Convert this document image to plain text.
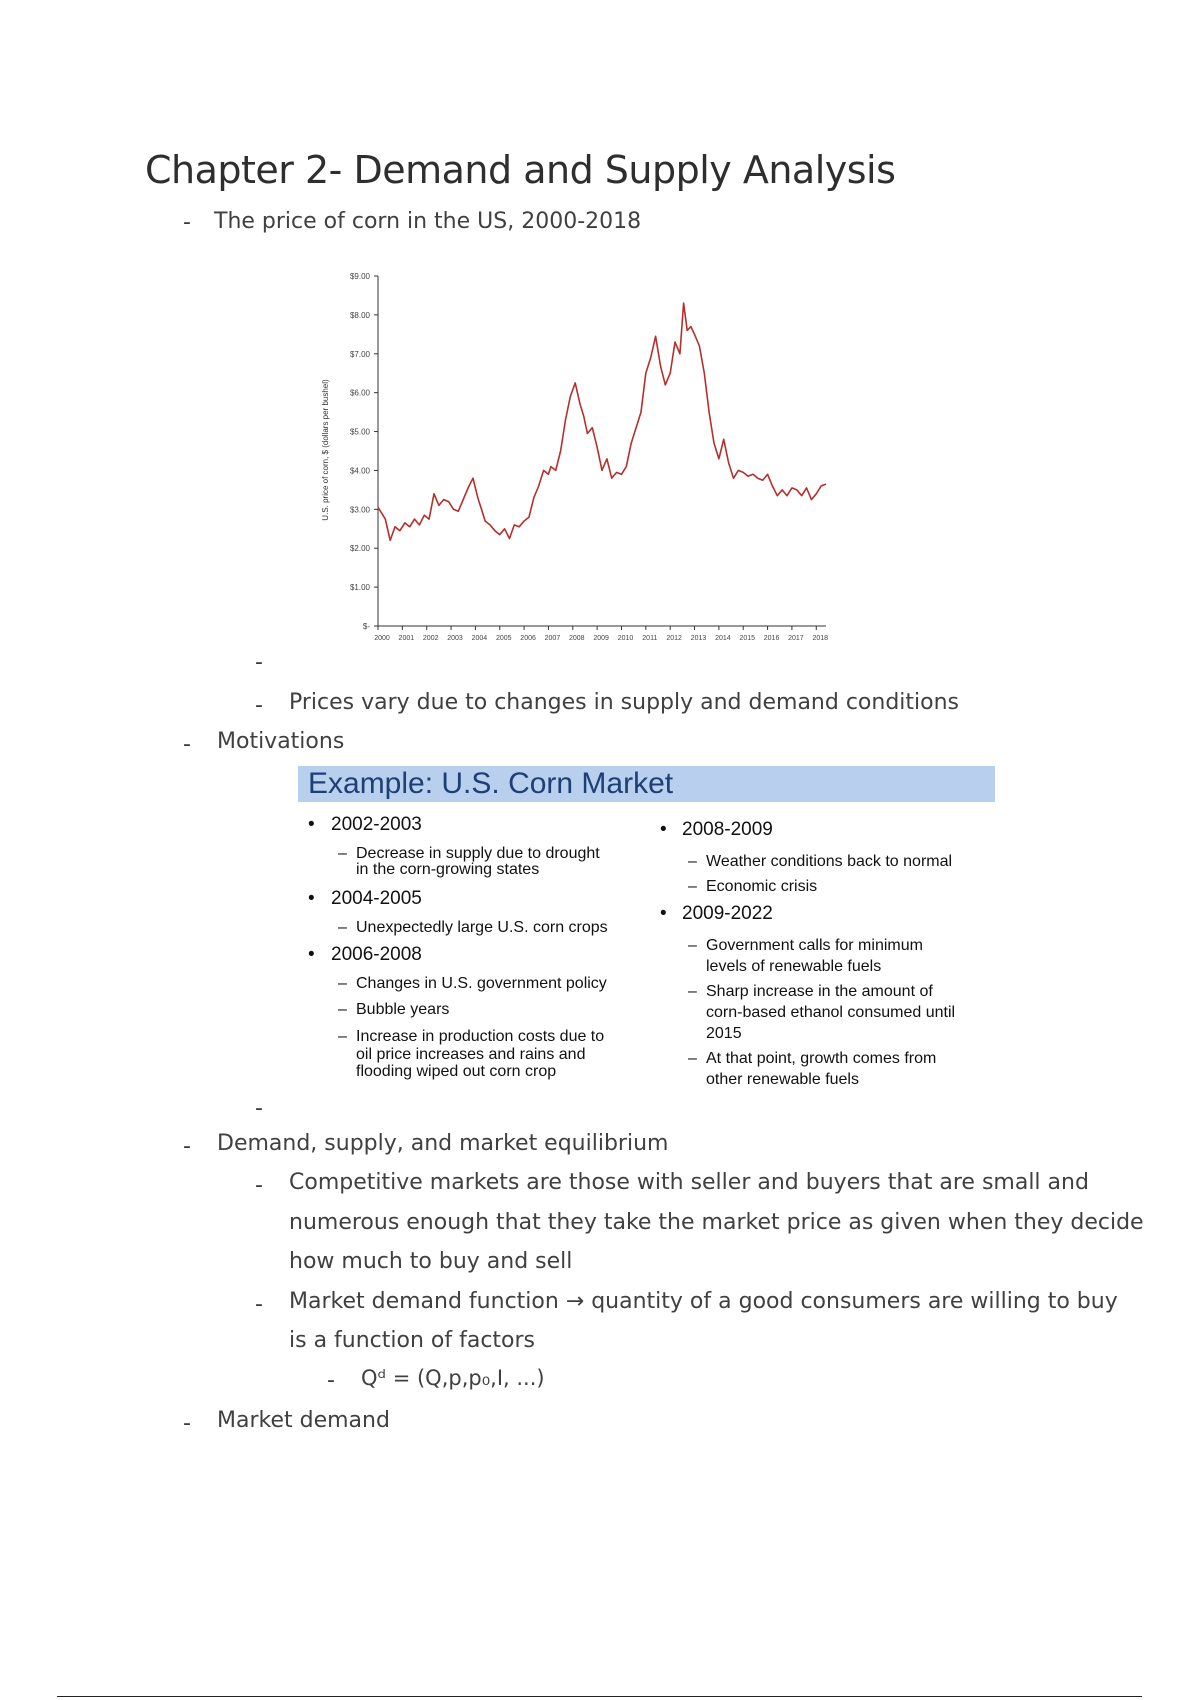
Chapter 2- Demand and Supply Analysis
- The price of corn in the US, 2000-2018
U.S. price of corn, $ (dollars per bushel)
$-
$1.00
$2.00
$3.00
$4.00
$5.00
$6.00
$7.00
$8.00
$9.00
2000 2001 2002 2003 2004 2005 2006 2007 2008 2009 2010 2011 2012 2013 2014 2015 2016 2017 2018
-
- Prices vary due to changes in supply and demand conditions
- Motivations
Example: U.S. Corn Market
• 2002-2003
– Decrease in supply due to drought
in the corn-growing states
• 2004-2005
– Unexpectedly large U.S. corn crops
• 2006-2008
– Changes in U.S. government policy
– Bubble years
– Increase in production costs due to
oil price increases and rains and
flooding wiped out corn crop
• 2008-2009
– Weather conditions back to normal
– Economic crisis
• 2009-2022
– Government calls for minimum
levels of renewable fuels
– Sharp increase in the amount of
corn-based ethanol consumed until
2015
– At that point, growth comes from
other renewable fuels
-
- Demand, supply, and market equilibrium
- Competitive markets are those with seller and buyers that are small and
numerous enough that they take the market price as given when they decide
how much to buy and sell
- Market demand function → quantity of a good consumers are willing to buy
is a function of factors
- Qᵈ = (Q,p,p₀,I, ...)
- Market demand
